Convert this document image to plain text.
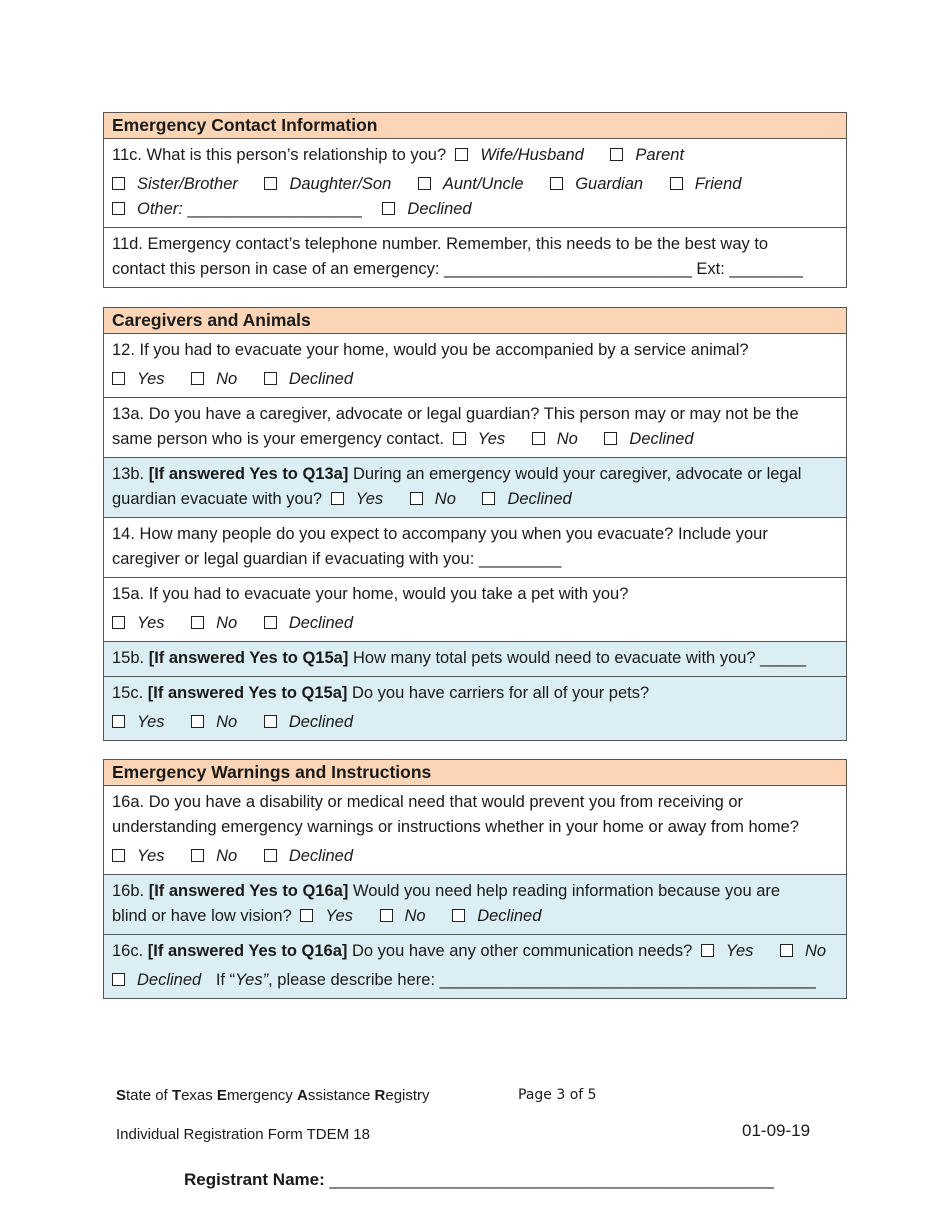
Emergency Contact Information
11c. What is this person’s relationship to you? Wife/Husband	Parent
Sister/Brother	Daughter/Son	Aunt/Uncle	Guardian	Friend
Other: ___________________	Declined
11d. Emergency contact’s telephone number. Remember, this needs to be the best way to
contact this person in case of an emergency: ___________________________ Ext: ________
Caregivers and Animals
12. If you had to evacuate your home, would you be accompanied by a service animal?
Yes	No	Declined
13a. Do you have a caregiver, advocate or legal guardian? This person may or may not be the
same person who is your emergency contact. Yes	No	Declined
13b. [If answered Yes to Q13a] During an emergency would your caregiver, advocate or legal
guardian evacuate with you? Yes	No	Declined
14. How many people do you expect to accompany you when you evacuate? Include your
caregiver or legal guardian if evacuating with you: _________
15a. If you had to evacuate your home, would you take a pet with you?
Yes	No	Declined
15b. [If answered Yes to Q15a] How many total pets would need to evacuate with you? _____
15c. [If answered Yes to Q15a] Do you have carriers for all of your pets?
Yes	No	Declined
Emergency Warnings and Instructions
16a. Do you have a disability or medical need that would prevent you from receiving or
understanding emergency warnings or instructions whether in your home or away from home?
Yes	No	Declined
16b. [If answered Yes to Q16a] Would you need help reading information because you are
blind or have low vision? Yes	No	Declined
16c. [If answered Yes to Q16a] Do you have any other communication needs? Yes	No
Declined If “Yes”, please describe here: _________________________________________
State of Texas Emergency Assistance Registry	Page 3 of 5
Individual Registration Form TDEM 18	01-09-19
Registrant Name: _______________________________________________
